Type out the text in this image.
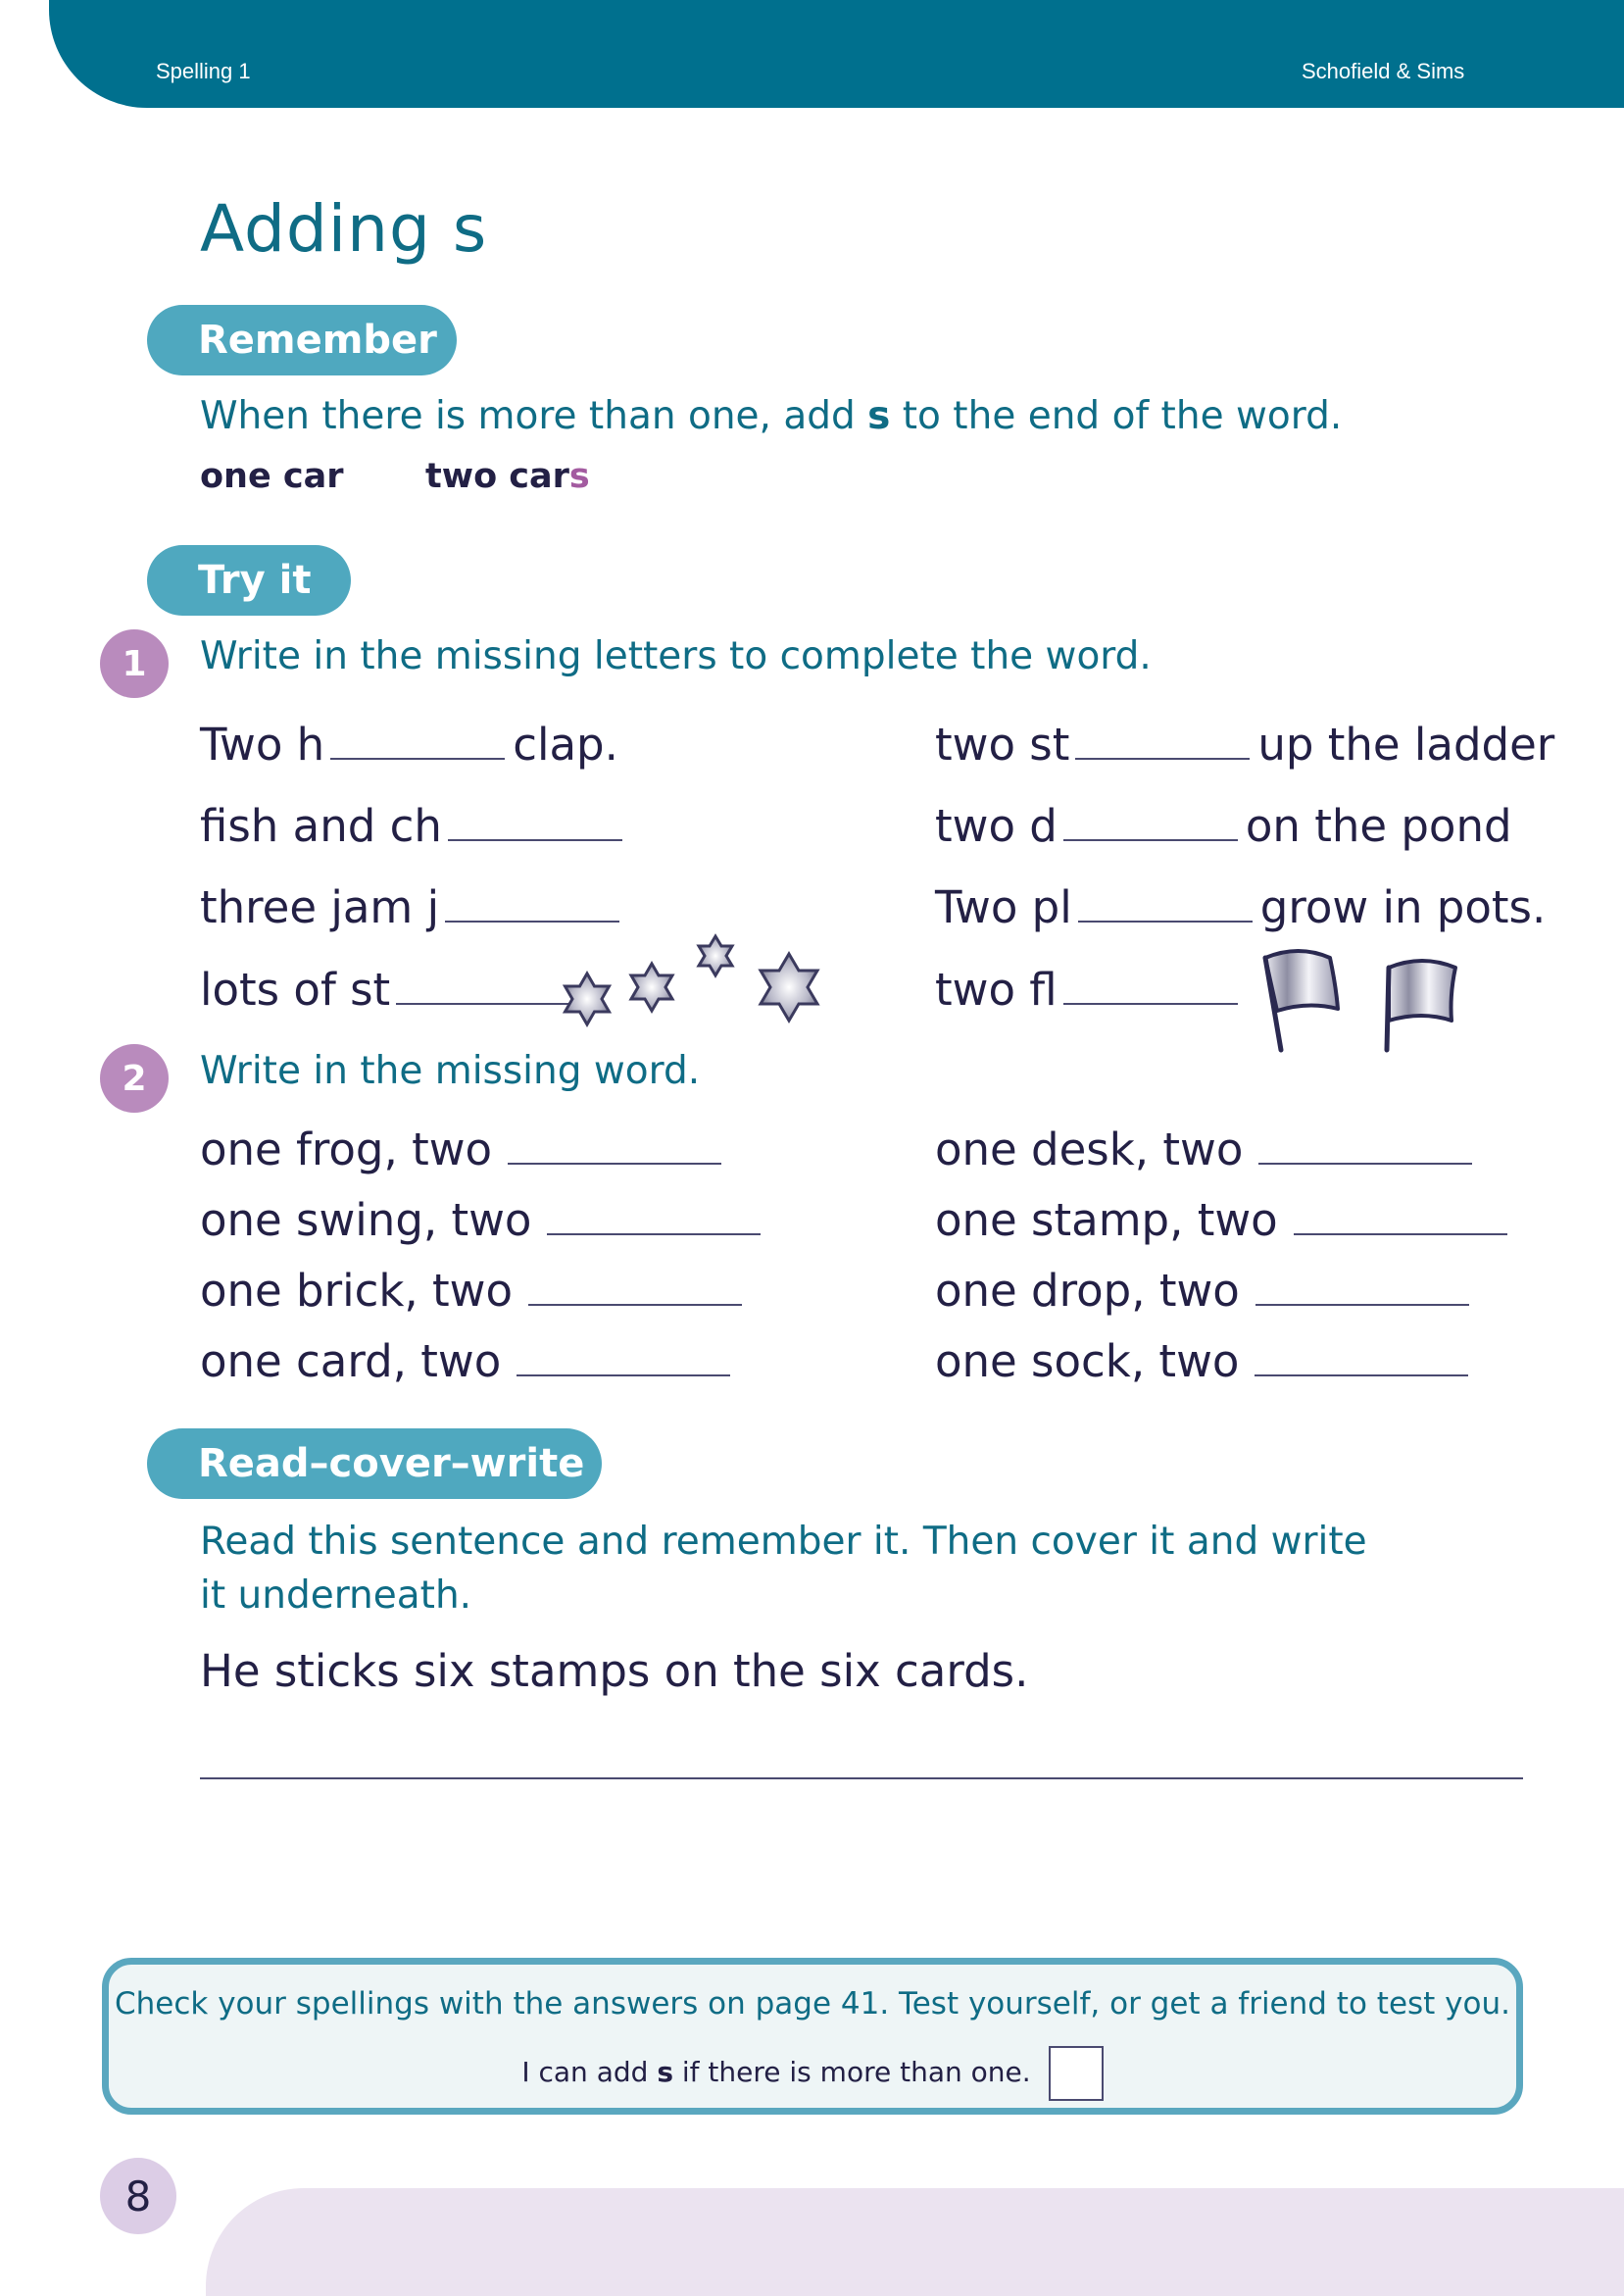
Spelling 1	Schofield & Sims
Adding s
Remember

When there is more than one, add s to the end of the word.

one car two cars
Try it
1	Write in the missing letters to complete the word.

Two h	clap.
fish and ch
three jam j
lots of st
two st	up the ladder
two d	on the pond
Two pl	grow in pots.
two fl
2	Write in the missing word.

one frog, two
one swing, two
one brick, two
one card, two
one desk, two
one stamp, two
one drop, two
one sock, two
Read–cover–write

Read this sentence and remember it. Then cover it and write

it underneath.

He sticks six stamps on the six cards.
Check your spellings with the answers on page 41. Test yourself, or get a friend to test you.
I can add s if there is more than one.
8
